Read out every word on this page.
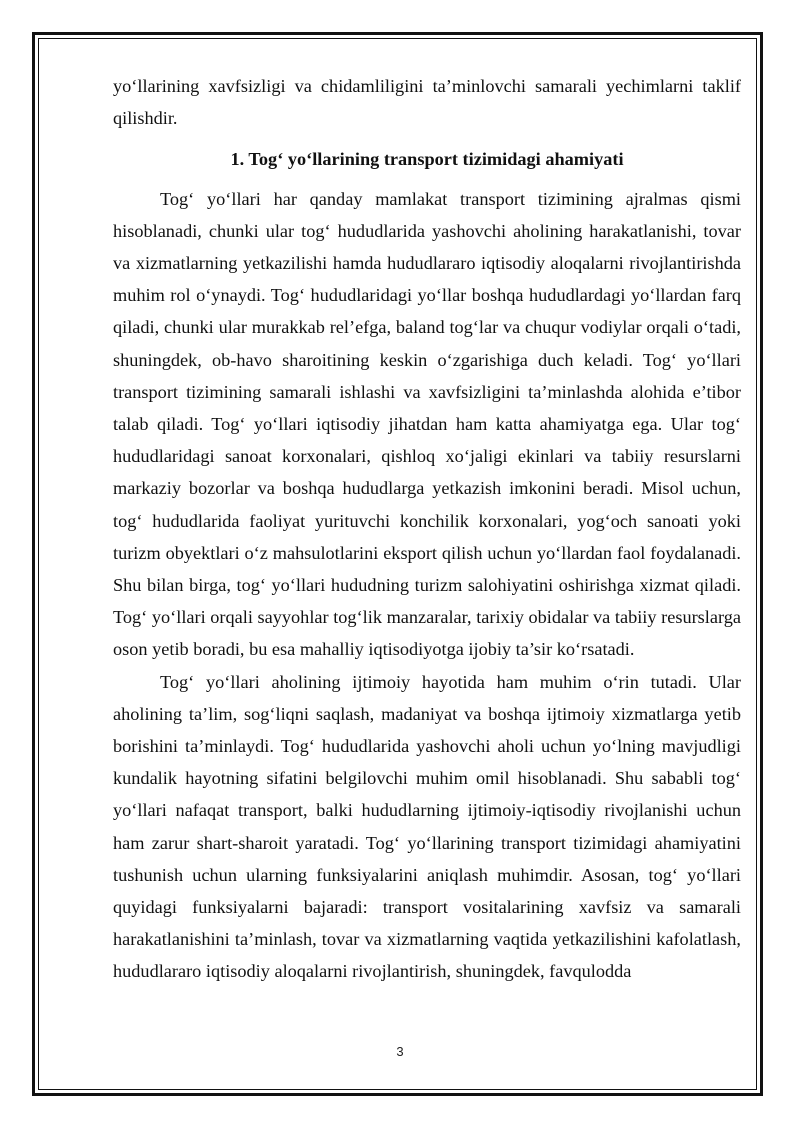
yo‘llarining xavfsizligi va chidamliligini ta’minlovchi samarali yechimlarni taklif qilishdir.

1. Tog‘ yo‘llarining transport tizimidagi ahamiyati

Tog‘ yo‘llari har qanday mamlakat transport tizimining ajralmas qismi hisoblanadi, chunki ular tog‘ hududlarida yashovchi aholining harakatlanishi, tovar va xizmatlarning yetkazilishi hamda hududlararo iqtisodiy aloqalarni rivojlantirishda muhim rol o‘ynaydi. Tog‘ hududlaridagi yo‘llar boshqa hududlardagi yo‘llardan farq qiladi, chunki ular murakkab rel’efga, baland tog‘lar va chuqur vodiylar orqali o‘tadi, shuningdek, ob-havo sharoitining keskin o‘zgarishiga duch keladi. Tog‘ yo‘llari transport tizimining samarali ishlashi va xavfsizligini ta’minlashda alohida e’tibor talab qiladi. Tog‘ yo‘llari iqtisodiy jihatdan ham katta ahamiyatga ega. Ular tog‘ hududlaridagi sanoat korxonalari, qishloq xo‘jaligi ekinlari va tabiiy resurslarni markaziy bozorlar va boshqa hududlarga yetkazish imkonini beradi. Misol uchun, tog‘ hududlarida faoliyat yurituvchi konchilik korxonalari, yog‘och sanoati yoki turizm obyektlari o‘z mahsulotlarini eksport qilish uchun yo‘llardan faol foydalanadi. Shu bilan birga, tog‘ yo‘llari hududning turizm salohiyatini oshirishga xizmat qiladi. Tog‘ yo‘llari orqali sayyohlar tog‘lik manzaralar, tarixiy obidalar va tabiiy resurslarga oson yetib boradi, bu esa mahalliy iqtisodiyotga ijobiy ta’sir ko‘rsatadi.

Tog‘ yo‘llari aholining ijtimoiy hayotida ham muhim o‘rin tutadi. Ular aholining ta’lim, sog‘liqni saqlash, madaniyat va boshqa ijtimoiy xizmatlarga yetib borishini ta’minlaydi. Tog‘ hududlarida yashovchi aholi uchun yo‘lning mavjudligi kundalik hayotning sifatini belgilovchi muhim omil hisoblanadi. Shu sababli tog‘ yo‘llari nafaqat transport, balki hududlarning ijtimoiy-iqtisodiy rivojlanishi uchun ham zarur shart-sharoit yaratadi. Tog‘ yo‘llarining transport tizimidagi ahamiyatini tushunish uchun ularning funksiyalarini aniqlash muhimdir. Asosan, tog‘ yo‘llari quyidagi funksiyalarni bajaradi: transport vositalarining xavfsiz va samarali harakatlanishini ta’minlash, tovar va xizmatlarning vaqtida yetkazilishini kafolatlash, hududlararo iqtisodiy aloqalarni rivojlantirish, shuningdek, favqulodda

3
